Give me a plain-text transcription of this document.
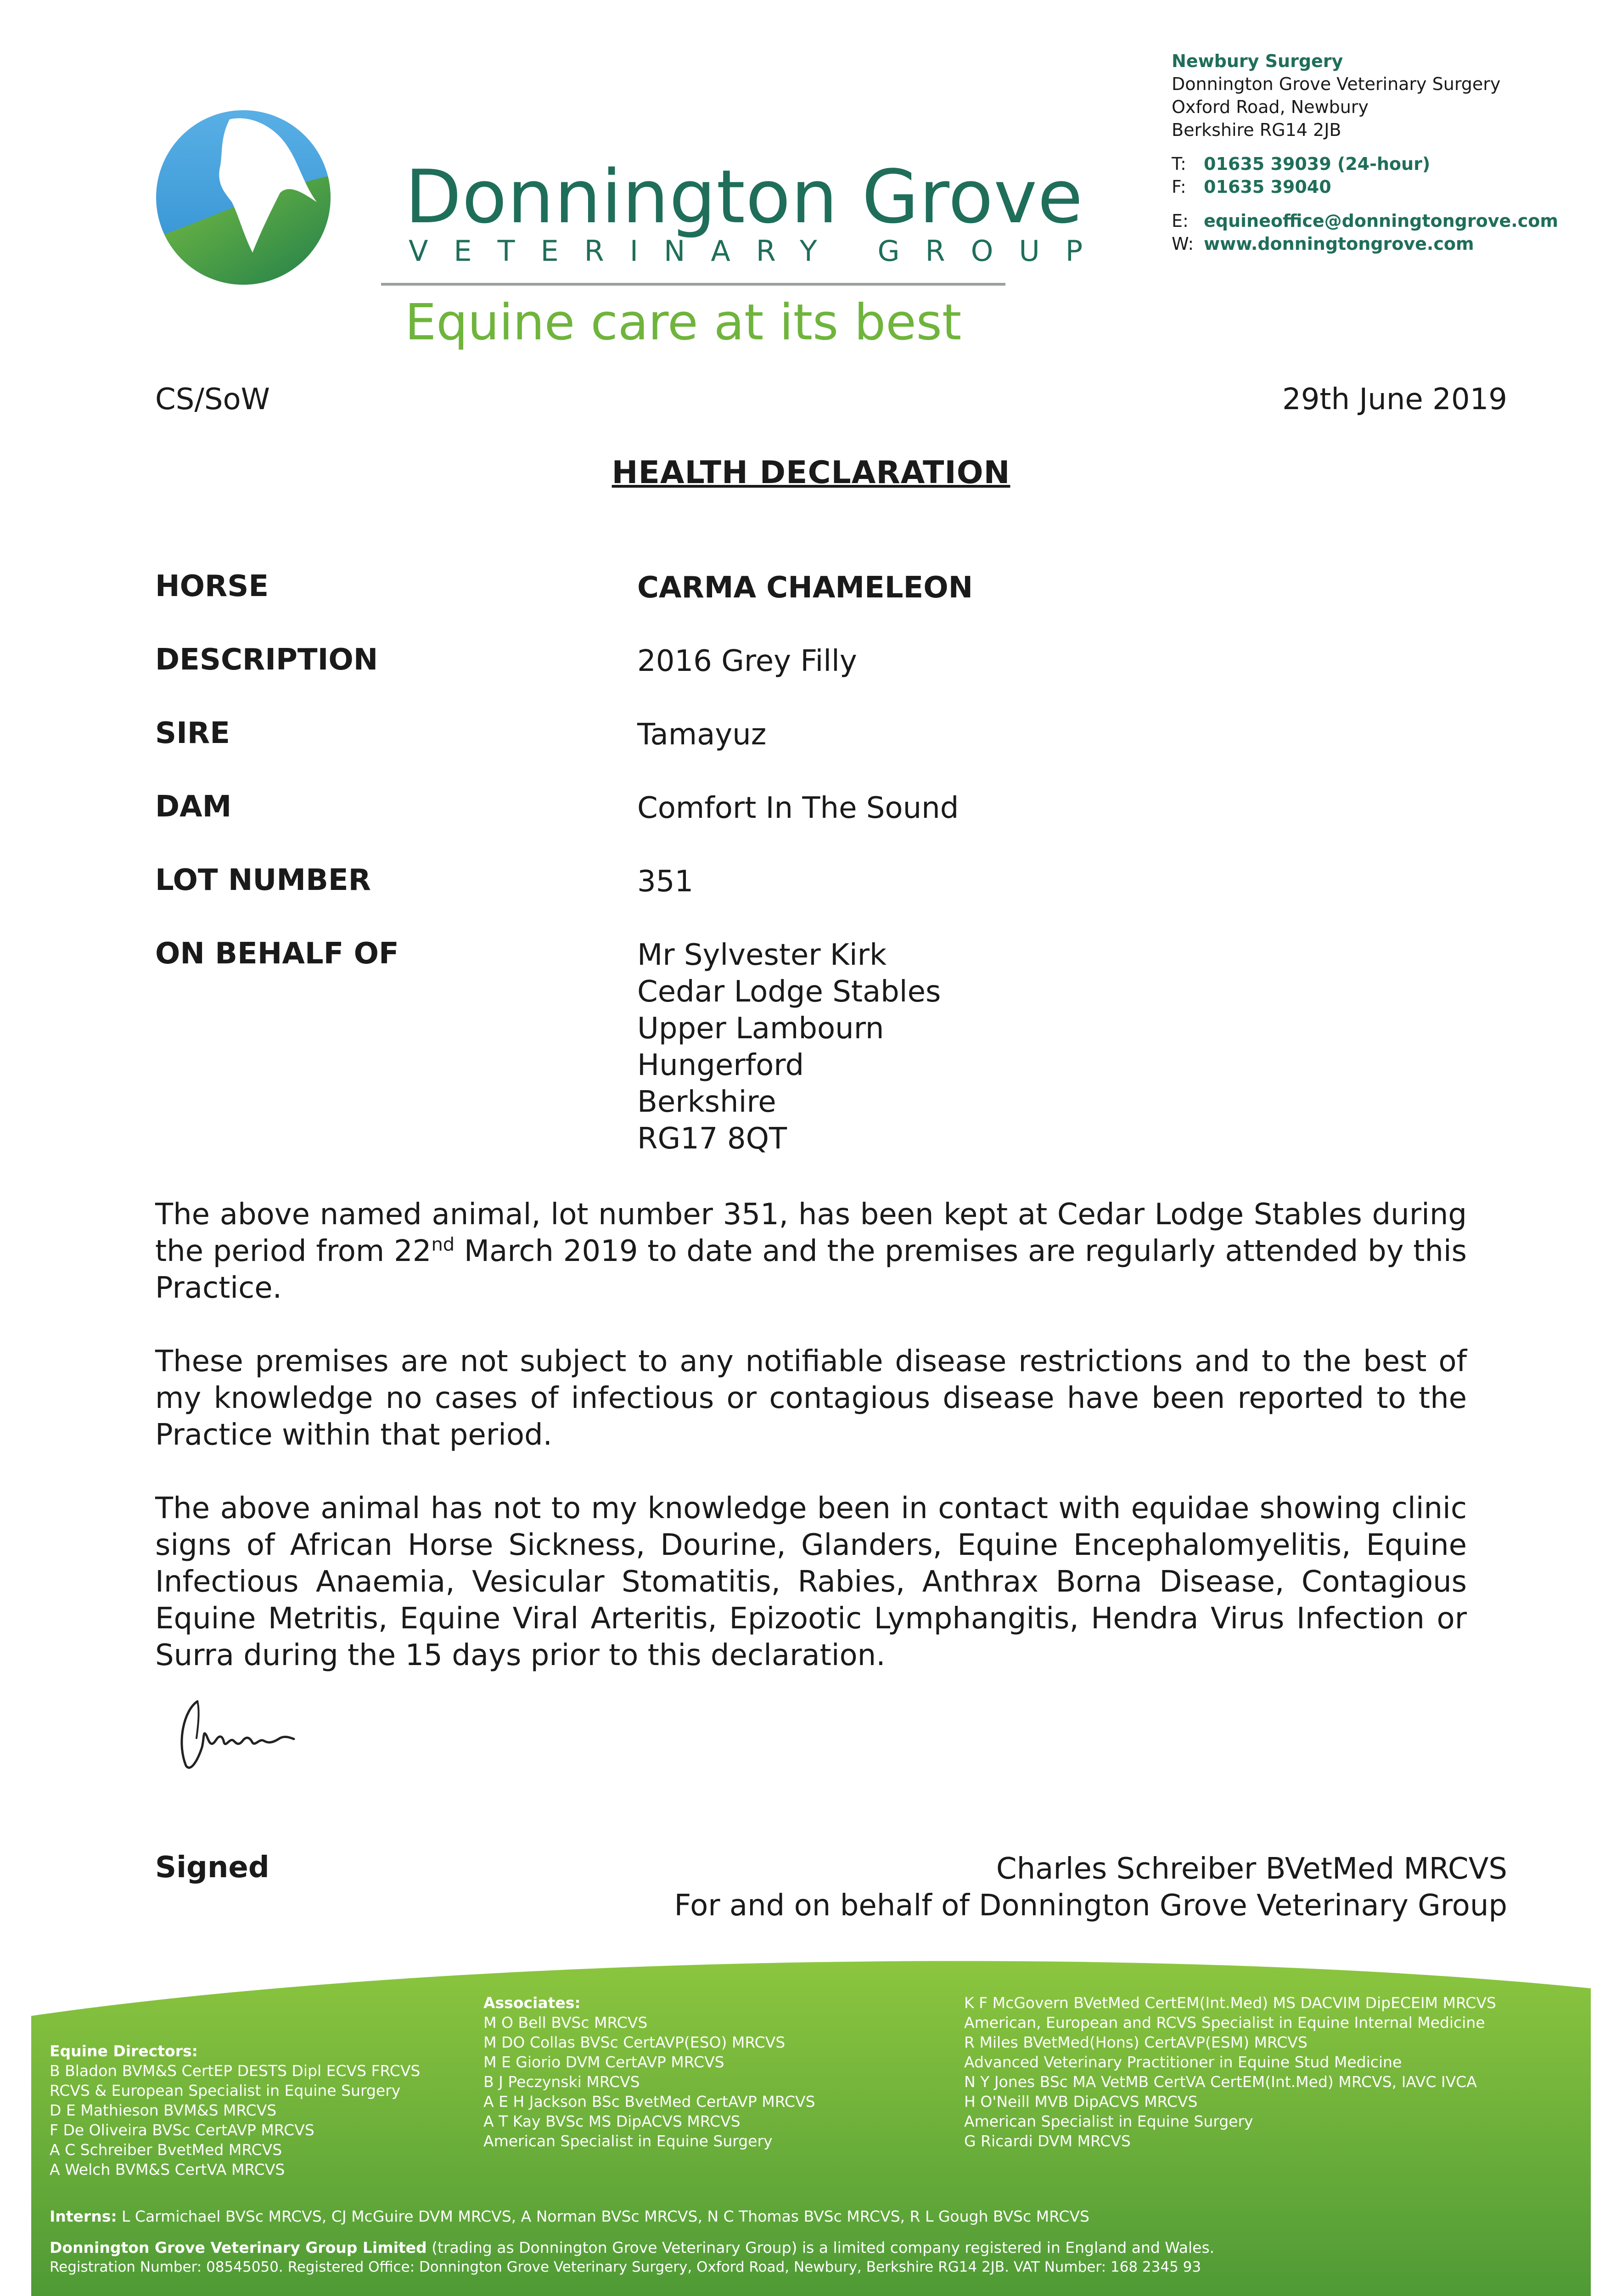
Donnington Grove
VETERINARY GROUP
Equine care at its best
Newbury Surgery
Donnington Grove Veterinary Surgery
Oxford Road, Newbury
Berkshire RG14 2JB
T: 01635 39039 (24-hour)
F: 01635 39040
E: equineoffice@donningtongrove.com
W: www.donningtongrove.com
CS/SoW	29th June 2019
HEALTH DECLARATION
HORSE	CARMA CHAMELEON
DESCRIPTION	2016 Grey Filly
SIRE	Tamayuz
DAM	Comfort In The Sound
LOT NUMBER	351
ON BEHALF OF	Mr Sylvester Kirk
Cedar Lodge Stables
Upper Lambourn
Hungerford
Berkshire
RG17 8QT
The above named animal, lot number 351, has been kept at Cedar Lodge Stables during the period from 22nd March 2019 to date and the premises are regularly attended by this Practice.
These premises are not subject to any notifiable disease restrictions and to the best of my knowledge no cases of infectious or contagious disease have been reported to the Practice within that period.
The above animal has not to my knowledge been in contact with equidae showing clinic signs of African Horse Sickness, Dourine, Glanders, Equine Encephalomyelitis, Equine Infectious Anaemia, Vesicular Stomatitis, Rabies, Anthrax Borna Disease, Contagious Equine Metritis, Equine Viral Arteritis, Epizootic Lymphangitis, Hendra Virus Infection or Surra during the 15 days prior to this declaration.
Signed	Charles Schreiber BVetMed MRCVS
For and on behalf of Donnington Grove Veterinary Group
Equine Directors:
B Bladon BVM&S CertEP DESTS Dipl ECVS FRCVS
RCVS & European Specialist in Equine Surgery
D E Mathieson BVM&S MRCVS
F De Oliveira BVSc CertAVP MRCVS
A C Schreiber BvetMed MRCVS
A Welch BVM&S CertVA MRCVS
Associates:
M O Bell BVSc MRCVS
M DO Collas BVSc CertAVP(ESO) MRCVS
M E Giorio DVM CertAVP MRCVS
B J Peczynski MRCVS
A E H Jackson BSc BvetMed CertAVP MRCVS
A T Kay BVSc MS DipACVS MRCVS
American Specialist in Equine Surgery
K F McGovern BVetMed CertEM(Int.Med) MS DACVIM DipECEIM MRCVS
American, European and RCVS Specialist in Equine Internal Medicine
R Miles BVetMed(Hons) CertAVP(ESM) MRCVS
Advanced Veterinary Practitioner in Equine Stud Medicine
N Y Jones BSc MA VetMB CertVA CertEM(Int.Med) MRCVS, IAVC IVCA
H O'Neill MVB DipACVS MRCVS
American Specialist in Equine Surgery
G Ricardi DVM MRCVS
Interns: L Carmichael BVSc MRCVS, CJ McGuire DVM MRCVS, A Norman BVSc MRCVS, N C Thomas BVSc MRCVS, R L Gough BVSc MRCVS
Donnington Grove Veterinary Group Limited (trading as Donnington Grove Veterinary Group) is a limited company registered in England and Wales.
Registration Number: 08545050. Registered Office: Donnington Grove Veterinary Surgery, Oxford Road, Newbury, Berkshire RG14 2JB. VAT Number: 168 2345 93
